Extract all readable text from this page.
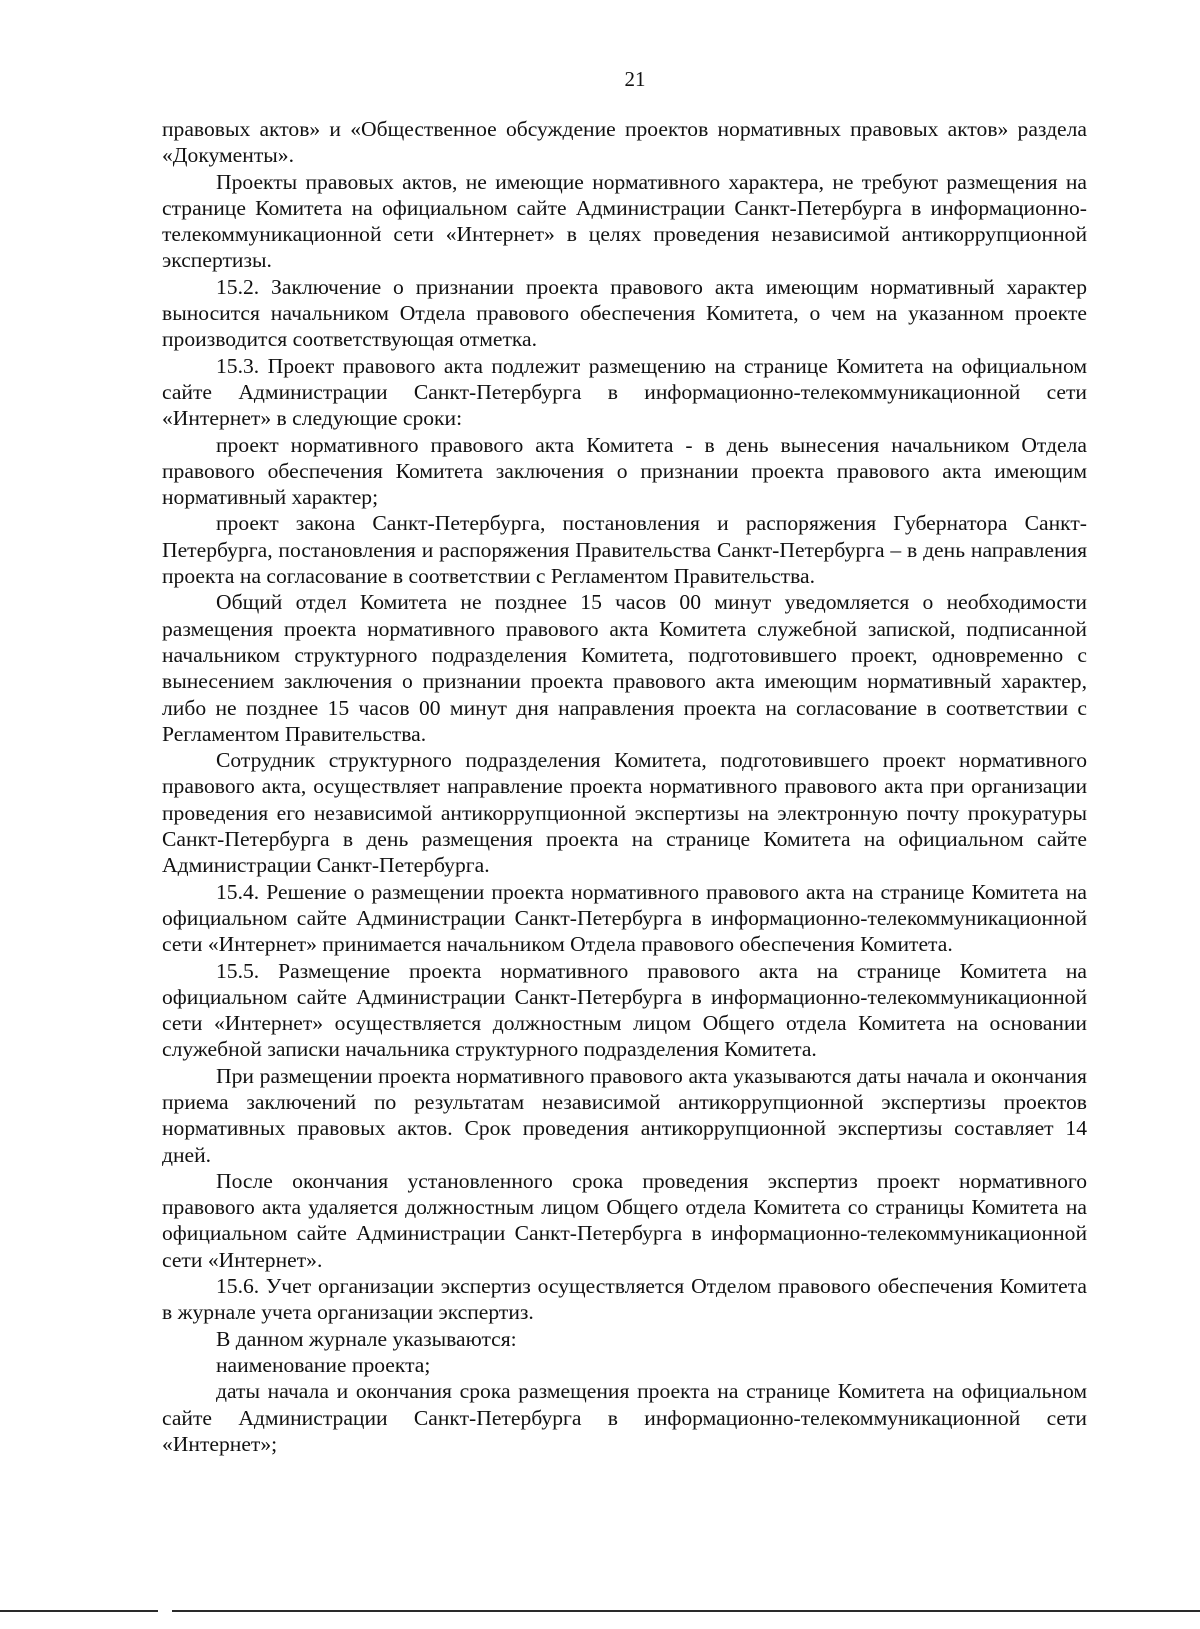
21

правовых актов» и «Общественное обсуждение проектов нормативных правовых актов» раздела «Документы».

Проекты правовых актов, не имеющие нормативного характера, не требуют размещения на странице Комитета на официальном сайте Администрации Санкт-Петербурга в информационно-телекоммуникационной сети «Интернет» в целях проведения независимой антикоррупционной экспертизы.

15.2. Заключение о признании проекта правового акта имеющим нормативный характер выносится начальником Отдела правового обеспечения Комитета, о чем на указанном проекте производится соответствующая отметка.

15.3. Проект правового акта подлежит размещению на странице Комитета на официальном сайте Администрации Санкт-Петербурга в информационно-телекоммуникационной сети «Интернет» в следующие сроки:

проект нормативного правового акта Комитета - в день вынесения начальником Отдела правового обеспечения Комитета заключения о признании проекта правового акта имеющим нормативный характер;

проект закона Санкт-Петербурга, постановления и распоряжения Губернатора Санкт-Петербурга, постановления и распоряжения Правительства Санкт-Петербурга – в день направления проекта на согласование в соответствии с Регламентом Правительства.

Общий отдел Комитета не позднее 15 часов 00 минут уведомляется о необходимости размещения проекта нормативного правового акта Комитета служебной запиской, подписанной начальником структурного подразделения Комитета, подготовившего проект, одновременно с вынесением заключения о признании проекта правового акта имеющим нормативный характер, либо не позднее 15 часов 00 минут дня направления проекта на согласование в соответствии с Регламентом Правительства.

Сотрудник структурного подразделения Комитета, подготовившего проект нормативного правового акта, осуществляет направление проекта нормативного правового акта при организации проведения его независимой антикоррупционной экспертизы на электронную почту прокуратуры Санкт-Петербурга в день размещения проекта на странице Комитета на официальном сайте Администрации Санкт-Петербурга.

15.4. Решение о размещении проекта нормативного правового акта на странице Комитета на официальном сайте Администрации Санкт-Петербурга в информационно-телекоммуникационной сети «Интернет» принимается начальником Отдела правового обеспечения Комитета.

15.5. Размещение проекта нормативного правового акта на странице Комитета на официальном сайте Администрации Санкт-Петербурга в информационно-телекоммуникационной сети «Интернет» осуществляется должностным лицом Общего отдела Комитета на основании служебной записки начальника структурного подразделения Комитета.

При размещении проекта нормативного правового акта указываются даты начала и окончания приема заключений по результатам независимой антикоррупционной экспертизы проектов нормативных правовых актов. Срок проведения антикоррупционной экспертизы составляет 14 дней.

После окончания установленного срока проведения экспертиз проект нормативного правового акта удаляется должностным лицом Общего отдела Комитета со страницы Комитета на официальном сайте Администрации Санкт-Петербурга в информационно-телекоммуникационной сети «Интернет».

15.6. Учет организации экспертиз осуществляется Отделом правового обеспечения Комитета в журнале учета организации экспертиз.

В данном журнале указываются:

наименование проекта;

даты начала и окончания срока размещения проекта на странице Комитета на официальном сайте Администрации Санкт-Петербурга в информационно-телекоммуникационной сети «Интернет»;
